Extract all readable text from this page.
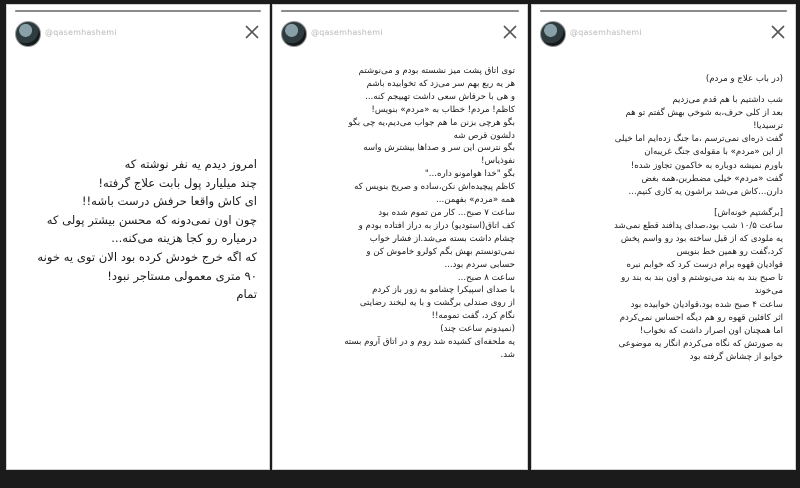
@qasemhashemi
امروز دیدم یه نفر نوشته که
چند میلیارد پول بابت علاج گرفته!
ای کاش واقعا حرفش درست باشه!!
چون اون نمی‌دونه که محسن بیشتر پولی که
درمیاره رو کجا هزینه می‌کنه...
که اگه خرج خودش کرده بود الان توی یه خونه
۹۰ متری معمولی مستاجر نبود!
تمام
@qasemhashemi
توی اتاق پشت میز نشسته بودم و می‌نوشتم
هر یه ربع بهم سر می‌زد که تخوابیده باشم
و هی با حرفاش سعی داشت تهییجم کنه...
کاظم! مردم! خطاب به «مردم» بنویس!
بگو هرچی بزنن ما هم جواب می‌دیم،یه چی بگو
دلشون قرص شه
بگو نترسن این سر و صداها بیشترش واسه
نفوذیاس!
بگو "خدا هوامونو داره..."
کاظم پیچیده‌اش نکن،ساده و صریح بنویس که
همه «مردم» بفهمن...
ساعت ۷ صبح... کار من تموم شده بود
کف اتاق(استودیو) دراز به دراز افتاده بودم و
چشام داشت بسته می‌شد.از فشار خواب
نمی‌تونستم بهش بگم کولرو خاموش کن و
حسابی سردم بود...
ساعت ۸ صبح...
با صدای اسپیکرا چشامو به زور باز کردم
از روی صندلی برگشت و با یه لبخند رضایتی
نگام کرد، گفت تمومه!!
(نمیدونم ساعت چند)
یه ملحفه‌ای کشیده شد روم و در اتاق آروم بسته
شد.
@qasemhashemi
(در باب علاج و مردم)
شب داشتیم با هم قدم می‌زدیم
بعد از کلی حرف،به شوخی بهش گفتم تو هم
ترسیدیا!
گفت ذره‌ای نمی‌ترسم ،ما جنگ زده‌ایم اما خیلی
از این «مردم» با مقوله‌ی جنگ غریبه‌ان
باورم نمیشه دوباره به خاکمون تجاوز شده!
گفت «مردم» خیلی مضطربن،همه بغض
دارن...کاش می‌شد براشون یه کاری کنیم...
[برگشتیم خونه‌اش]
ساعت ۱۰/۵ شب بود،صدای پدافند قطع نمی‌شد
یه ملودی که از قبل ساخته بود رو واسم پخش
کرد،گفت رو همین خط بنویس
قوادیان قهوه برام درست کرد که خوابم نبره
تا صبح بند به بند می‌نوشتم و اون بند به بند رو
می‌خوند
ساعت ۴ صبح شده بود،قوادیان خوابیده بود
اثر کافئین قهوه رو هم دیگه احساس نمی‌کردم
اما همچنان اون اصرار داشت که نخواب!
به صورتش که نگاه می‌کردم انگار یه موضوعی
خوابو از چشاش گرفته بود
